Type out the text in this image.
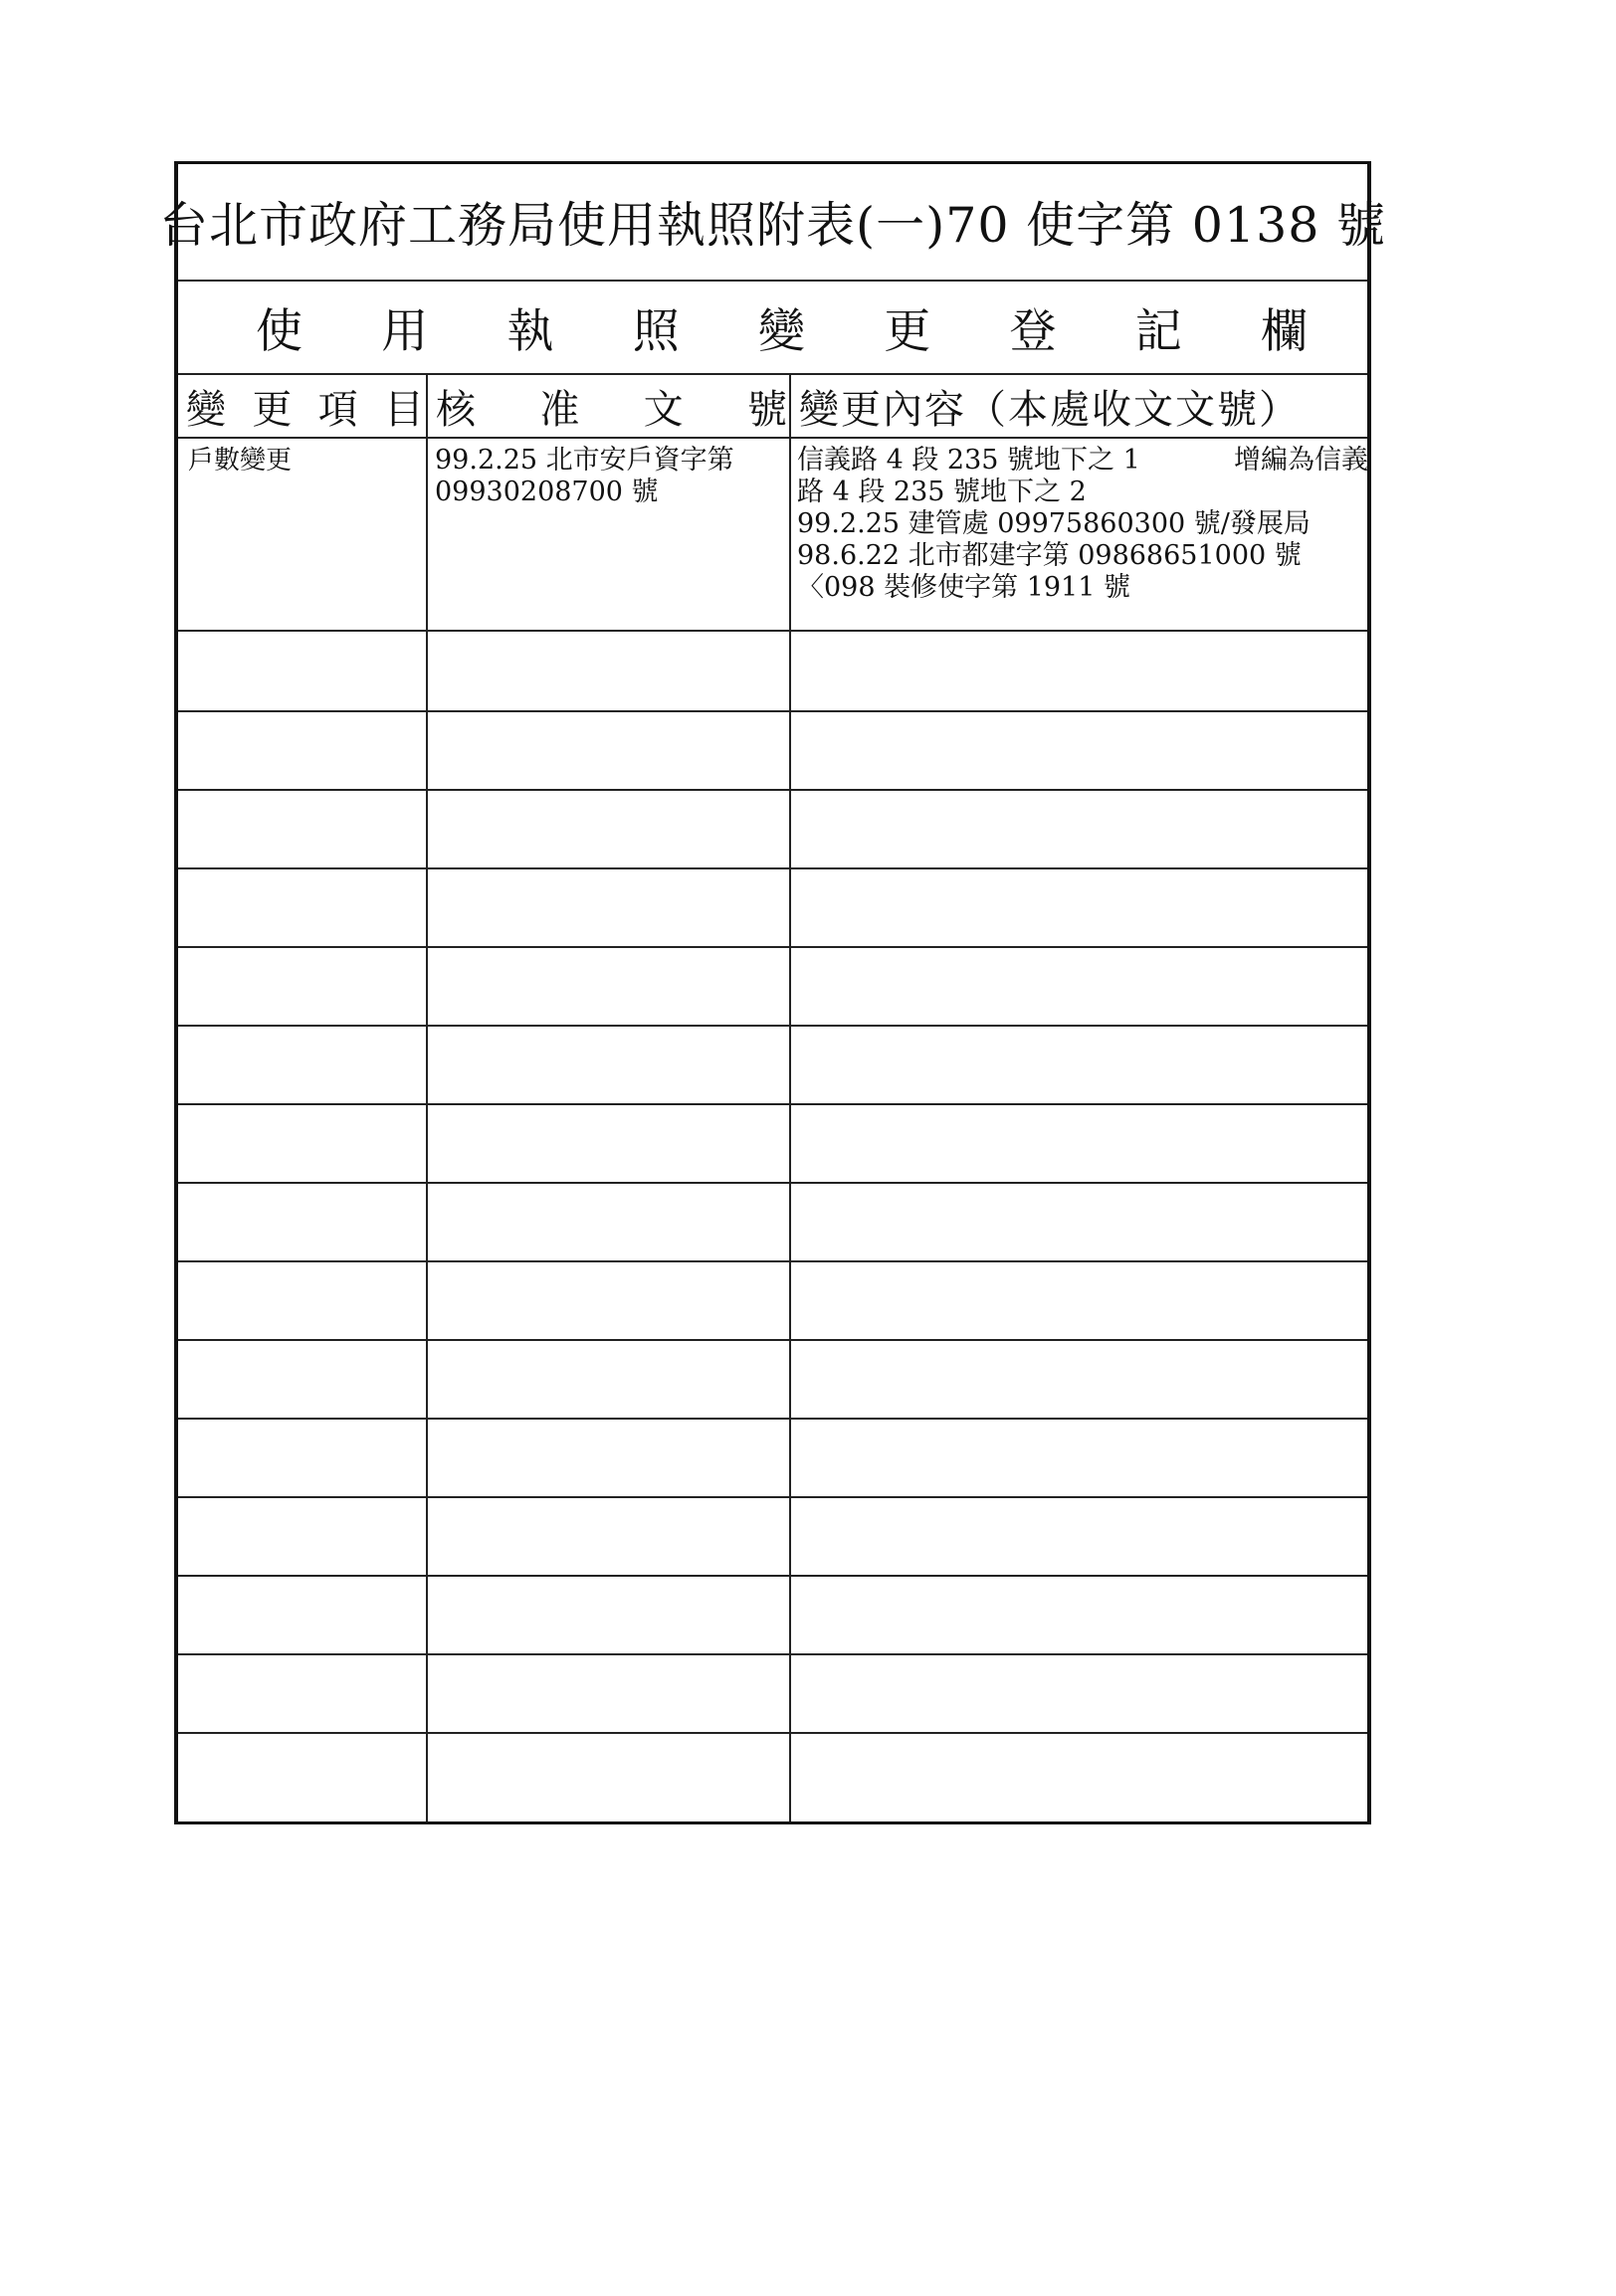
台北市政府工務局使用執照附表(一)70 使字第 0138 號
使 用 執 照 變 更 登 記 欄
變 更 項 目 核 准 文 號 變更內容（本處收文文號）
戶數變更	99.2.25 北市安戶資字第
09930208700 號
信義路 4 段 235 號地下之 1	增編為信義
路 4 段 235 號地下之 2
99.2.25 建管處 09975860300 號/發展局
98.6.22 北市都建字第 09868651000 號
〈098 裝修使字第 1911 號
